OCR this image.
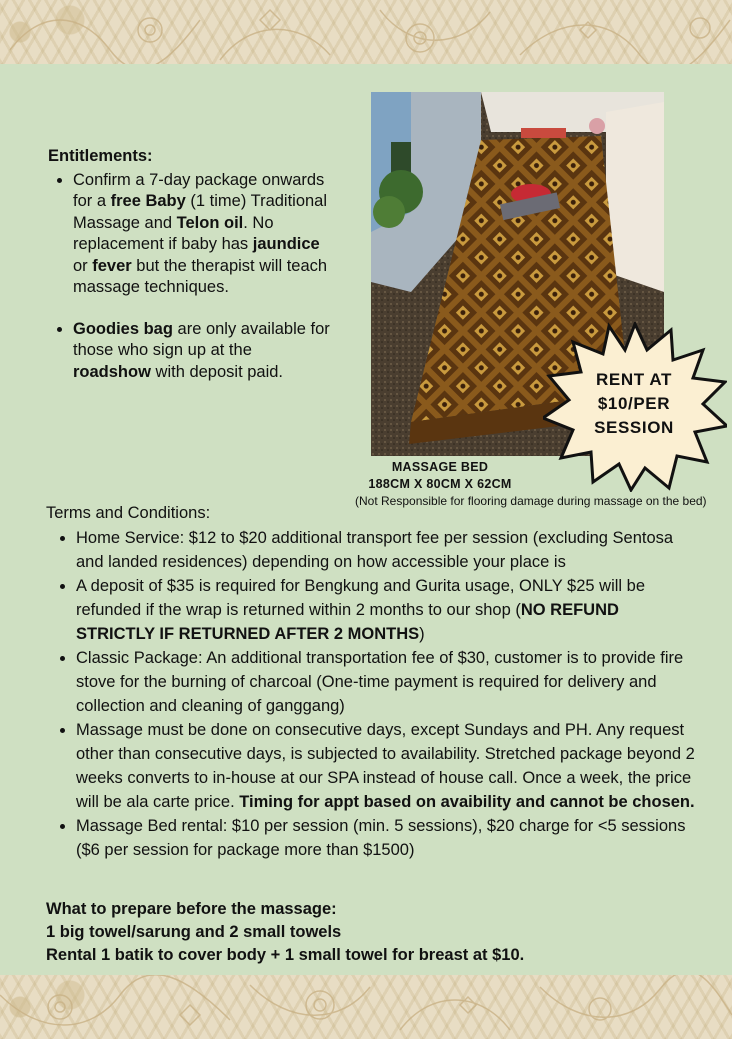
Entitlements:
• Confirm a 7-day package onwards for a free Baby (1 time) Traditional Massage and Telon oil. No replacement if baby has jaundice or fever but the therapist will teach massage techniques.
• Goodies bag are only available for those who sign up at the roadshow with deposit paid.
MASSAGE BED
188CM X 80CM X 62CM
(Not Responsible for flooring damage during massage on the bed)
RENT AT
$10/PER
SESSION
Terms and Conditions:
• Home Service: $12 to $20 additional transport fee per session (excluding Sentosa and landed residences) depending on how accessible your place is
• A deposit of $35 is required for Bengkung and Gurita usage, ONLY $25 will be refunded if the wrap is returned within 2 months to our shop (NO REFUND STRICTLY IF RETURNED AFTER 2 MONTHS)
• Classic Package: An additional transportation fee of $30, customer is to provide fire stove for the burning of charcoal (One-time payment is required for delivery and collection and cleaning of ganggang)
• Massage must be done on consecutive days, except Sundays and PH. Any request other than consecutive days, is subjected to availability. Stretched package beyond 2 weeks converts to in-house at our SPA instead of house call. Once a week, the price will be ala carte price. Timing for appt based on avaibility and cannot be chosen.
• Massage Bed rental: $10 per session (min. 5 sessions), $20 charge for <5 sessions ($6 per session for package more than $1500)
What to prepare before the massage:
1 big towel/sarung and 2 small towels
Rental 1 batik to cover body + 1 small towel for breast at $10.
